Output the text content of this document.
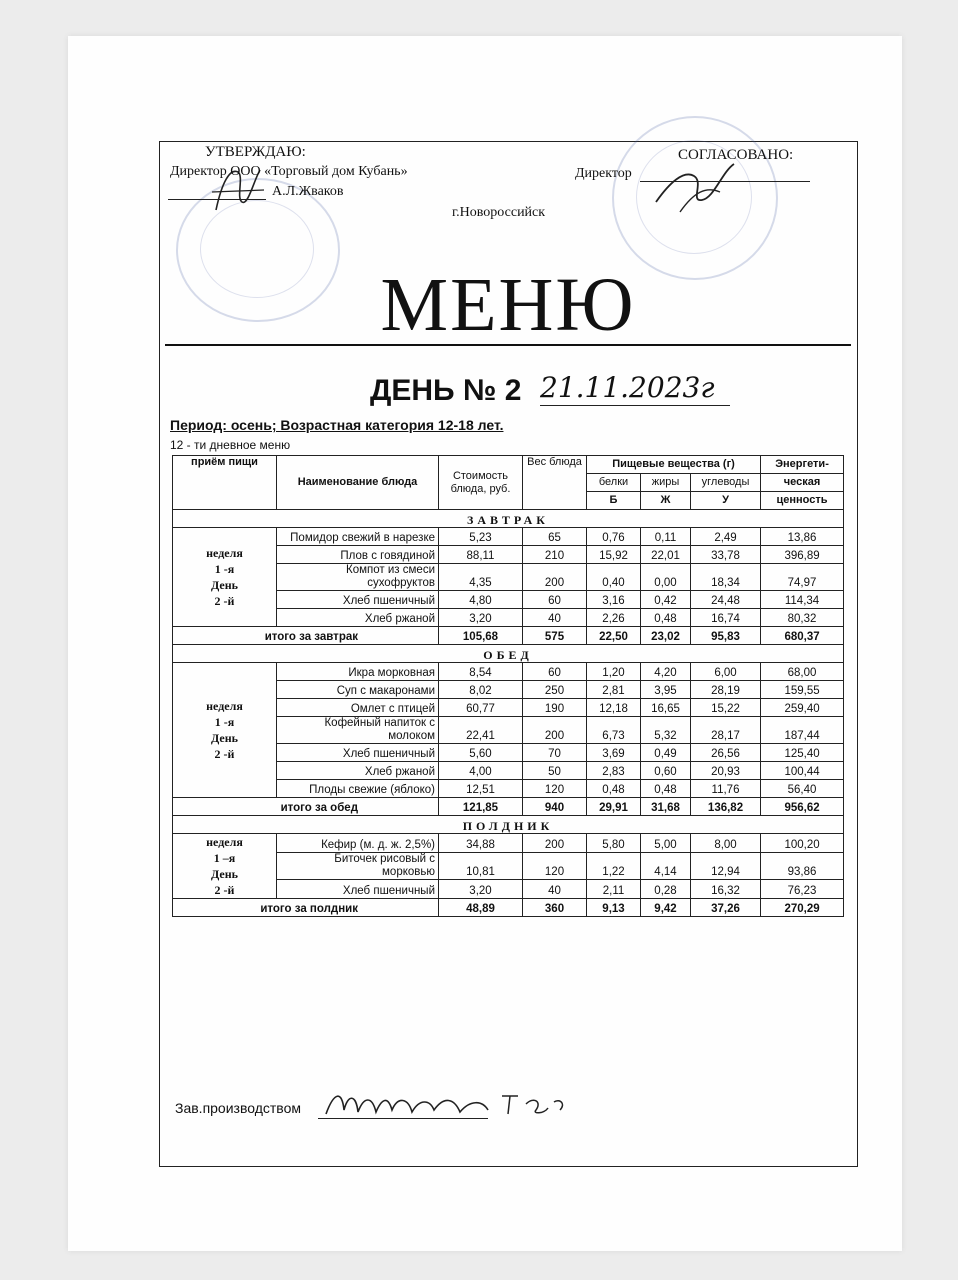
УТВЕРЖДАЮ:
Директор ООО «Торговый дом Кубань»
А.Л.Жваков
СОГЛАСОВАНО:
Директор
г.Новороссийск
МЕНЮ
ДЕНЬ № 2 21.11.2023г
Период: осень; Возрастная категория 12-18 лет.
12 - ти дневное меню
приём пищи	Наименование блюда	Стоимость блюда, руб.	Вес блюда	Пищевые вещества (г)			Энергети-
				белки	жиры	углеводы	ческая
				Б	Ж	У	ценность
ЗАВТРАК							

неделя
1 -я
День
2 -й	Помидор свежий в нарезке	5,23	65	0,76	0,11	2,49	13,86
	Плов с говядиной	88,11	210	15,92	22,01	33,78	396,89
	Компот из смеси сухофруктов	4,35	200	0,40	0,00	18,34	74,97
	Хлеб пшеничный	4,80	60	3,16	0,42	24,48	114,34
	Хлеб ржаной	3,20	40	2,26	0,48	16,74	80,32
итого за завтрак		105,68	575	22,50	23,02	95,83	680,37
ОБЕД							

неделя
1 -я
День
2 -й	Икра морковная	8,54	60	1,20	4,20	6,00	68,00
	Суп с макаронами	8,02	250	2,81	3,95	28,19	159,55
	Омлет с птицей	60,77	190	12,18	16,65	15,22	259,40
	Кофейный напиток с молоком	22,41	200	6,73	5,32	28,17	187,44
	Хлеб пшеничный	5,60	70	3,69	0,49	26,56	125,40
	Хлеб ржаной	4,00	50	2,83	0,60	20,93	100,44
	Плоды свежие (яблоко)	12,51	120	0,48	0,48	11,76	56,40
итого за обед		121,85	940	29,91	31,68	136,82	956,62
ПОЛДНИК							

неделя
1 –я
День
2 -й	Кефир (м. д. ж. 2,5%)	34,88	200	5,80	5,00	8,00	100,20
	Биточек рисовый с морковью	10,81	120	1,22	4,14	12,94	93,86
	Хлеб пшеничный	3,20	40	2,11	0,28	16,32	76,23
итого за полдник		48,89	360	9,13	9,42	37,26	270,29
Зав.производством
